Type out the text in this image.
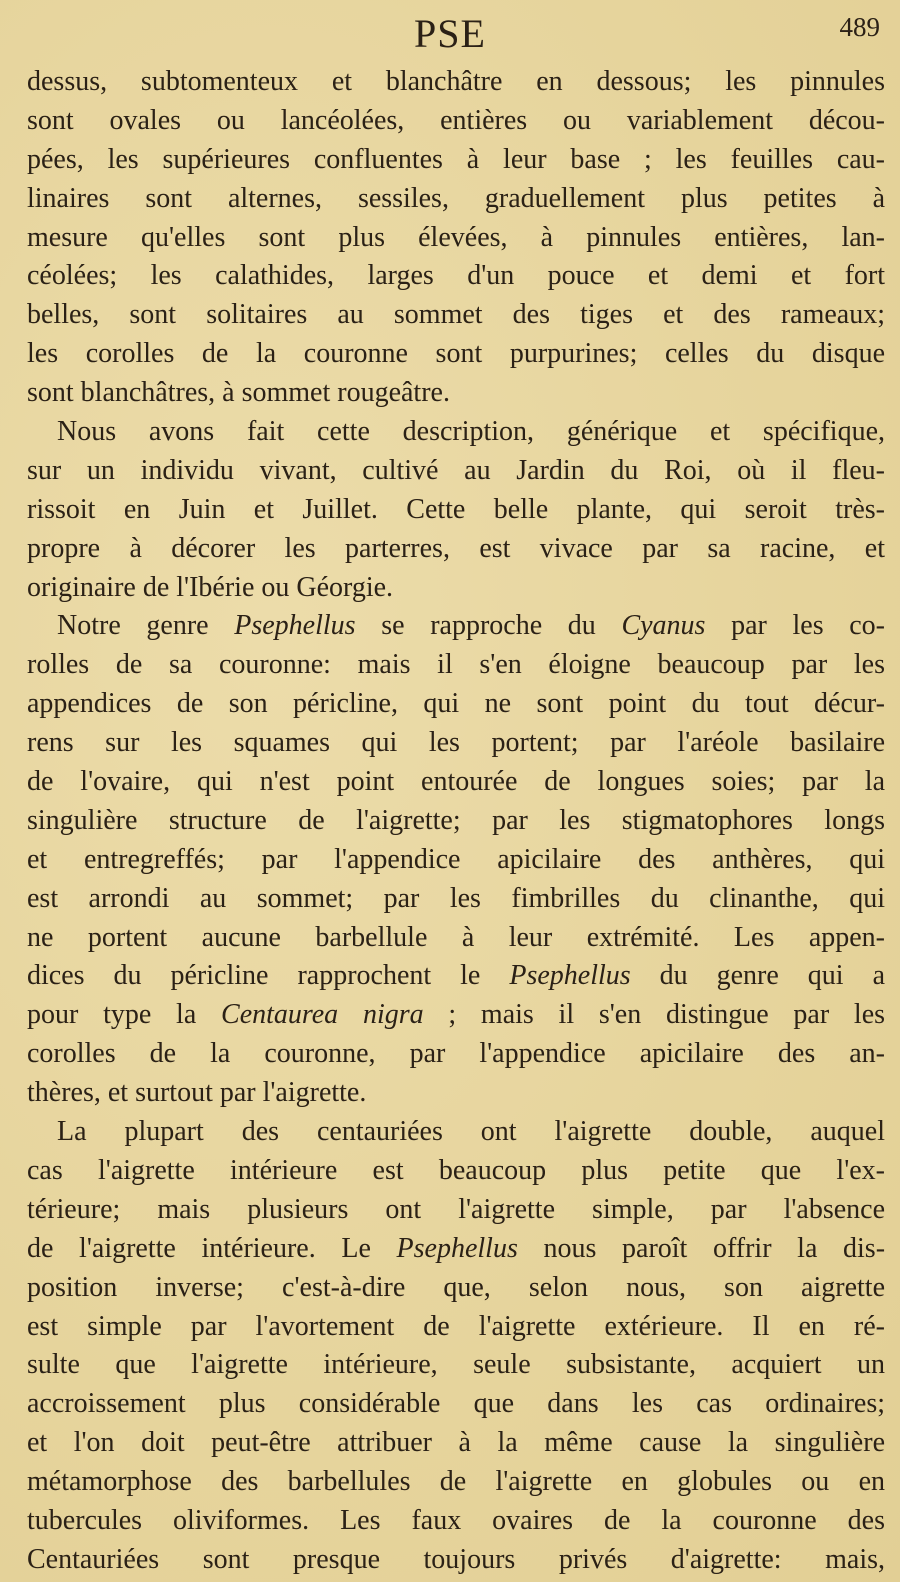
PSE	489
dessus, subtomenteux et blanchâtre en dessous; les pinnules
sont ovales ou lancéolées, entières ou variablement décou-
pées, les supérieures confluentes à leur base ; les feuilles cau-
linaires sont alternes, sessiles, graduellement plus petites à
mesure qu'elles sont plus élevées, à pinnules entières, lan-
céolées; les calathides, larges d'un pouce et demi et fort
belles, sont solitaires au sommet des tiges et des rameaux;
les corolles de la couronne sont purpurines; celles du disque
sont blanchâtres, à sommet rougeâtre.
Nous avons fait cette description, générique et spécifique,
sur un individu vivant, cultivé au Jardin du Roi, où il fleu-
rissoit en Juin et Juillet. Cette belle plante, qui seroit très-
propre à décorer les parterres, est vivace par sa racine, et
originaire de l'Ibérie ou Géorgie.
Notre genre Psephellus se rapproche du Cyanus par les co-
rolles de sa couronne: mais il s'en éloigne beaucoup par les
appendices de son péricline, qui ne sont point du tout décur-
rens sur les squames qui les portent; par l'aréole basilaire
de l'ovaire, qui n'est point entourée de longues soies; par la
singulière structure de l'aigrette; par les stigmatophores longs
et entregreffés; par l'appendice apicilaire des anthères, qui
est arrondi au sommet; par les fimbrilles du clinanthe, qui
ne portent aucune barbellule à leur extrémité. Les appen-
dices du péricline rapprochent le Psephellus du genre qui a
pour type la Centaurea nigra ; mais il s'en distingue par les
corolles de la couronne, par l'appendice apicilaire des an-
thères, et surtout par l'aigrette.
La plupart des centauriées ont l'aigrette double, auquel
cas l'aigrette intérieure est beaucoup plus petite que l'ex-
térieure; mais plusieurs ont l'aigrette simple, par l'absence
de l'aigrette intérieure. Le Psephellus nous paroît offrir la dis-
position inverse; c'est-à-dire que, selon nous, son aigrette
est simple par l'avortement de l'aigrette extérieure. Il en ré-
sulte que l'aigrette intérieure, seule subsistante, acquiert un
accroissement plus considérable que dans les cas ordinaires;
et l'on doit peut-être attribuer à la même cause la singulière
métamorphose des barbellules de l'aigrette en globules ou en
tubercules oliviformes. Les faux ovaires de la couronne des
Centauriées sont presque toujours privés d'aigrette: mais,
